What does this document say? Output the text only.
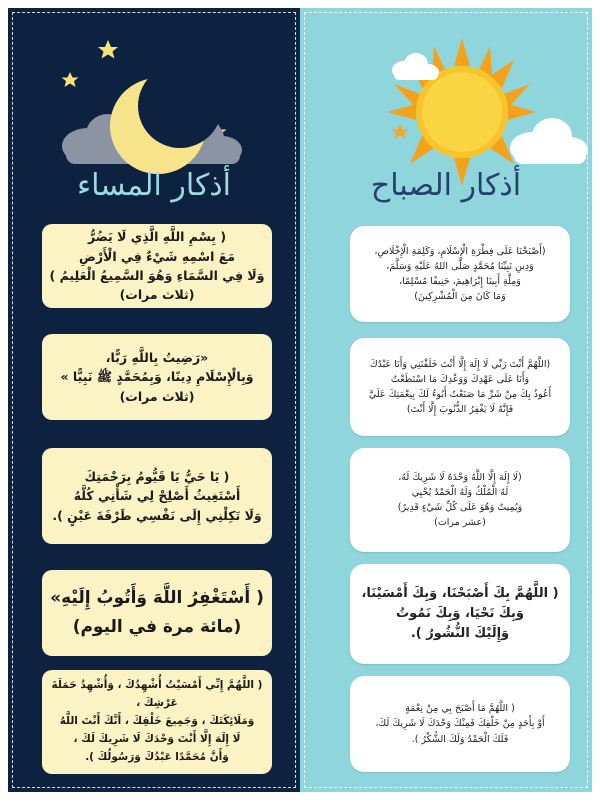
أذكار المساء
( بِسْمِ اللَّهِ الَّذِي لَا يَضُرُّ
مَعَ اسْمِهِ شَيْءٌ فِي الْأَرْضِ
وَلَا فِي السَّمَاءِ وَهُوَ السَّمِيعُ الْعَلِيمُ )
(ثلاث مرات)
«رَضِيتُ بِاللَّهِ رَبًّا،
وَبِالْإِسْلَامِ دِينًا، وَبِمُحَمَّدٍ ﷺ نَبِيًّا »
(ثلاث مرات)
( يَا حَيُّ يَا قَيُّومُ بِرَحْمَتِكَ
أَسْتَغِيثُ أَصْلِحْ لِي شَأْنِي كُلَّهُ
وَلَا تَكِلْنِي إِلَى نَفْسِي طَرْفَةَ عَيْنٍ ).
( أَسْتَغْفِرُ اللَّهَ وَأَتُوبُ إِلَيْهِ»
(مائة مرة في اليوم)
( اللَّهُمَّ إِنِّي أَمْسَيْتُ أُشْهِدُكَ ، وَأُشْهِدُ حَمَلَةَ عَرْشِكَ ،
وَمَلَائِكَتَكَ ، وَجَمِيعَ خَلْقِكَ ، أَنَّكَ أَنْتَ اللَّهُ
لَا إِلَهَ إِلَّا أَنْتَ وَحْدَكَ لَا شَرِيكَ لَكَ ،
وَأَنَّ مُحَمَّدًا عَبْدُكَ وَرَسُولُكَ ).
أذكار الصباح
(أَصْبَحْنَا عَلَى فِطْرَةِ الْإِسْلَامِ، وَكَلِمَةِ الْإِخْلَاصِ،
وَدِينِ نَبِيِّنَا مُحَمَّدٍ صَلَّى اللهُ عَلَيْهِ وَسَلَّمَ،
وَمِلَّةِ أَبِينَا إِبْرَاهِيمَ، حَنِيفًا مُسْلِمًا،
وَمَا كَانَ مِنَ الْمُشْرِكِينَ)
(اللَّهُمَّ أَنْتَ رَبِّي لَا إِلَهَ إِلَّا أَنْتَ خَلَقْتَنِي وَأَنَا عَبْدُكَ
وَأَنَا عَلَى عَهْدِكَ وَوَعْدِكَ مَا اسْتَطَعْتُ
أَعُوذُ بِكَ مِنْ شَرِّ مَا صَنَعْتُ أَبُوءُ لَكَ بِنِعْمَتِكَ عَلَيَّ
فَإِنَّهُ لَا يَغْفِرُ الذُّنُوبَ إِلَّا أَنْتَ)
(لَا إِلَهَ إِلَّا اللَّهُ وَحْدَهُ لَا شَرِيكَ لَهُ،
لَهُ الْمُلْكُ وَلَهُ الْحَمْدُ يُحْيِي
وَيُمِيتُ وَهُوَ عَلَى كُلِّ شَيْءٍ قَدِيرٌ)
(عشر مرات)
( اللَّهُمَّ بِكَ أَصْبَحْنَا، وَبِكَ أَمْسَيْنَا،
وَبِكَ نَحْيَا، وَبِكَ نَمُوتُ
وَإِلَيْكَ النُّشُورُ ).
( اللَّهُمَّ مَا أَصْبَحَ بِي مِنْ نِعْمَةٍ
أَوْ بِأَحَدٍ مِنْ خَلْقِكَ فَمِنْكَ وَحْدَكَ لَا شَرِيكَ لَكَ،
فَلَكَ الْحَمْدُ وَلَكَ الشُّكْرُ ).
